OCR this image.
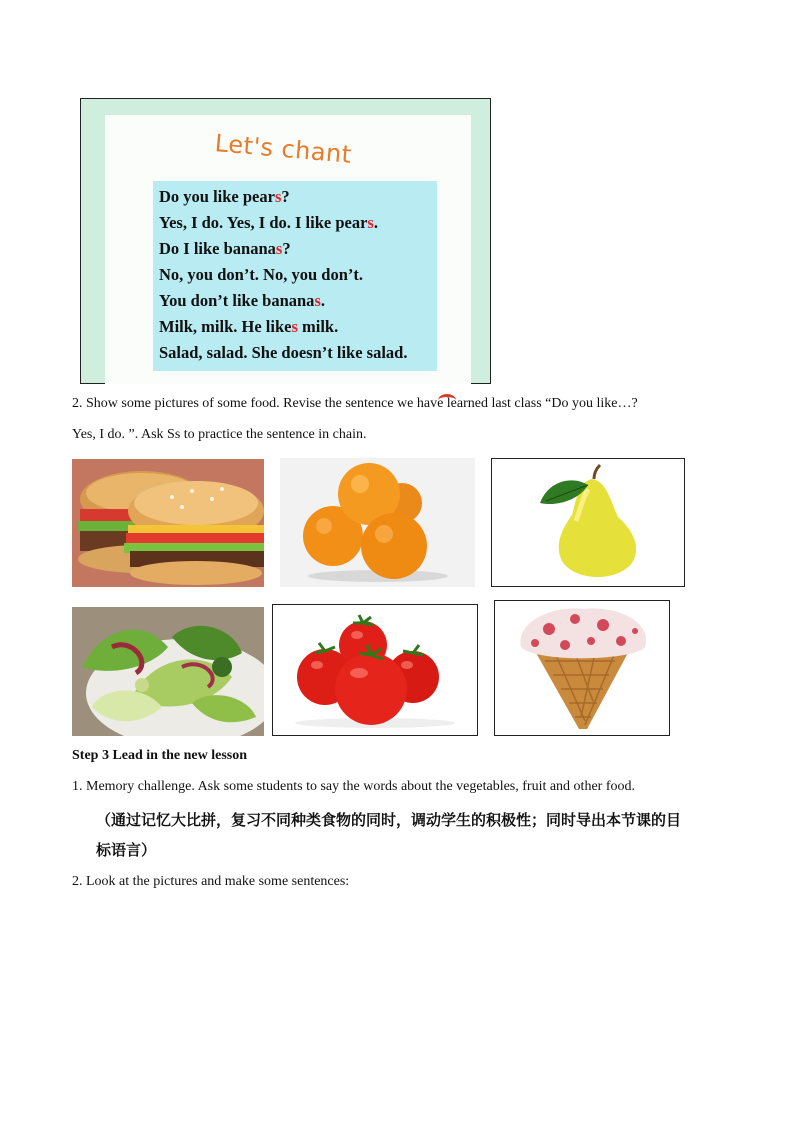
Let's chant
Do you like pears?
Yes, I do. Yes, I do. I like pears.
Do I like bananas?
No, you don’t. No, you don’t.
You don’t like bananas.
Milk, milk. He likes milk.
Salad, salad. She doesn’t like salad.
2. Show some pictures of some food. Revise the sentence we have learned last class “Do you like…?
Yes, I do. ”. Ask Ss to practice the sentence in chain.
Step 3 Lead in the new lesson
1. Memory challenge. Ask some students to say the words about the vegetables, fruit and other food.
（通过记忆大比拼，复习不同种类食物的同时，调动学生的积极性；同时导出本节课的目
标语言）
2. Look at the pictures and make some sentences:
